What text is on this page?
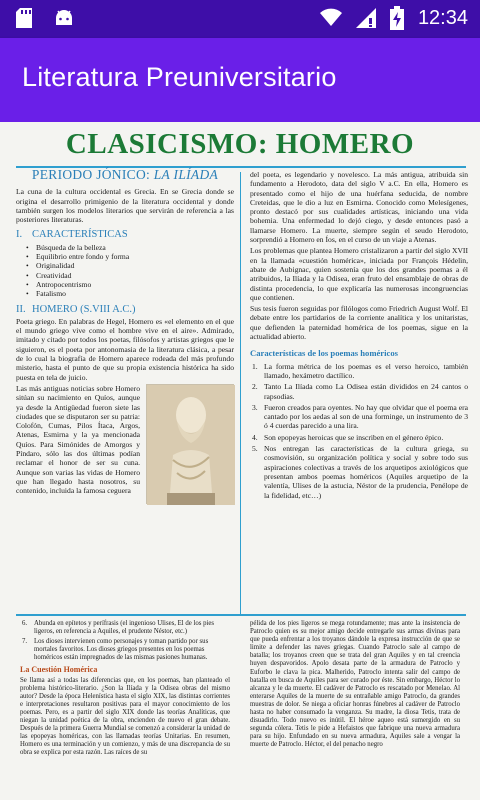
12:34
Literatura Preuniversitario
CLASICISMO: HOMERO
PERIODO JÓNICO: LA ILÍADA

La cuna de la cultura occidental es Grecia. En se Grecia donde se origina el desarrollo primigenio de la literatura occidental y donde también surgen los modelos literarios que servirán de referencia a las posteriores literaturas.

I. CARACTERÍSTICAS
• Búsqueda de la belleza
• Equilibrio entre fondo y forma
• Originalidad
• Creatividad
• Antropocentrismo
• Fatalismo
II. HOMERO (S.VIII A.C.)

Poeta griego. En palabras de Hegel, Homero es «el elemento en el que el mundo griego vive como el hombre vive en el aire». Admirado, imitado y citado por todos los poetas, filósofos y artistas griegos que le siguieron, es el poeta por antonomasia de la literatura clásica, a pesar de lo cual la biografía de Homero aparece rodeada del más profundo misterio, hasta el punto de que su propia existencia histórica ha sido puesta en tela de juicio.

Las más antiguas noticias sobre Homero sitúan su nacimiento en Quíos, aunque ya desde la Antigüedad fueron siete las ciudades que se disputaron ser su patria: Colofón, Cumas, Pilos Ítaca, Argos, Atenas, Esmirna y la ya mencionada Quíos. Para Simónides de Amorgos y Píndaro, sólo las dos últimas podían reclamar el honor de ser su cuna. Aunque son varias las vidas de Homero que han llegado hasta nosotros, su contenido, incluida la famosa ceguera

del poeta, es legendario y novelesco. La más antigua, atribuida sin fundamento a Herodoto, data del siglo V a.C. En ella, Homero es presentado como el hijo de una huérfana seducida, de nombre Creteidas, que le dio a luz en Esmirna. Conocido como Melesígenes, pronto destacó por sus cualidades artísticas, iniciando una vida bohemia. Una enfermedad lo dejó ciego, y desde entonces pasó a llamarse Homero. La muerte, siempre según el seudo Herodoto, sorprendió a Homero en Íos, en el curso de un viaje a Atenas.

Los problemas que plantea Homero cristalizaron a partir del siglo XVII en la llamada «cuestión homérica», iniciada por François Hédelin, abate de Aubignac, quien sostenía que los dos grandes poemas a él atribuidos, la Ilíada y la Odisea, eran fruto del ensamblaje de obras de distinta procedencia, lo que explicaría las numerosas incongruencias que contienen.

Sus tesis fueron seguidas por filólogos como Friedrich August Wolf. El debate entre los partidarios de la corriente analítica y los unitaristas, que defienden la paternidad homérica de los poemas, sigue en la actualidad abierto.

Características de los poemas homéricos
1. La forma métrica de los poemas es el verso heroico, también llamado, hexámetro dactílico.
2. Tanto La Ilíada como La Odisea están divididos en 24 cantos o rapsodias.
3. Fueron creados para oyentes. No hay que olvidar que el poema era cantado por los aedas al son de una forminge, un instrumento de 3 ó 4 cuerdas parecido a una lira.
4. Son epopeyas heroicas que se inscriben en el género épico.
5. Nos entregan las características de la cultura griega, su cosmovisión, su organización política y social y sobre todo sus aspiraciones colectivas a través de los arquetipos axiológicos que presentan ambos poemas homéricos (Aquiles arquetipo de la valentía, Ulises de la astucia, Néstor de la prudencia, Penélope de la fidelidad, etc…)
6. Abunda en epítetos y perífrasis (el ingenioso Ulises, El de los pies ligeros, en referencia a Aquiles, el prudente Néstor, etc.)
7. Los dioses intervienen como personajes y toman partido por sus mortales favoritos. Los dioses griegos presentes en los poemas homéricos están impregnados de las mismas pasiones humanas.
La Cuestión Homérica

Se llama así a todas las diferencias que, en los poemas, han planteado el problema histórico-literario. ¿Son la Ilíada y la Odisea obras del mismo autor? Desde la época Helenística hasta el siglo XIX, las distintas corrientes e interpretaciones resultaron positivas para el mayor conocimiento de los poemas. Pero, es a partir del siglo XIX donde las teorías Analíticas, que niegan la unidad poética de la obra, encienden de nuevo el gran debate. Después de la primera Guerra Mundial se comenzó a considerar la unidad de las epopeyas homéricas, con las llamadas teorías Unitarias. En resumen, Homero es una terminación y un comienzo, y más de una discrepancia de su obra se explica por esta razón. Las raíces de su

pélida de los pies ligeros se mega rotundamente; mas ante la insistencia de Patroclo quien es su mejor amigo decide entregarle sus armas divinas para que pueda enfrentar a los troyanos dándole la expresa instrucción de que se limite a defender las naves griegas. Cuando Patroclo sale al campo de batalla; los troyanos creen que se trata del gran Aquiles y en tal creencia huyen despavoridos. Apolo desata parte de la armadura de Patroclo y Euforbo le clava la pica. Malherido, Patroclo intenta salir del campo de batalla en busca de Aquiles para ser curado por éste. Sin embargo, Héctor lo alcanza y le da muerte. El cadáver de Patroclo es rescatado por Menelao. Al enterarse Aquiles de la muerte de su entrañable amigo Patroclo, da grandes muestras de dolor. Se niega a oficiar honras fúnebres al cadáver de Patroclo hasta no haber consumado la venganza. Su madre, la diosa Tetis, trata de disuadirlo. Todo nuevo es inútil. El héroe aqueo está sumergido en su segunda cólera. Tetis le pide a Hefaistos que fabrique una nueva armadura para su hijo. Enfundado en su nueva armadura, Aquiles sale a vengar la muerte de Patroclo. Héctor, el del penacho negro
